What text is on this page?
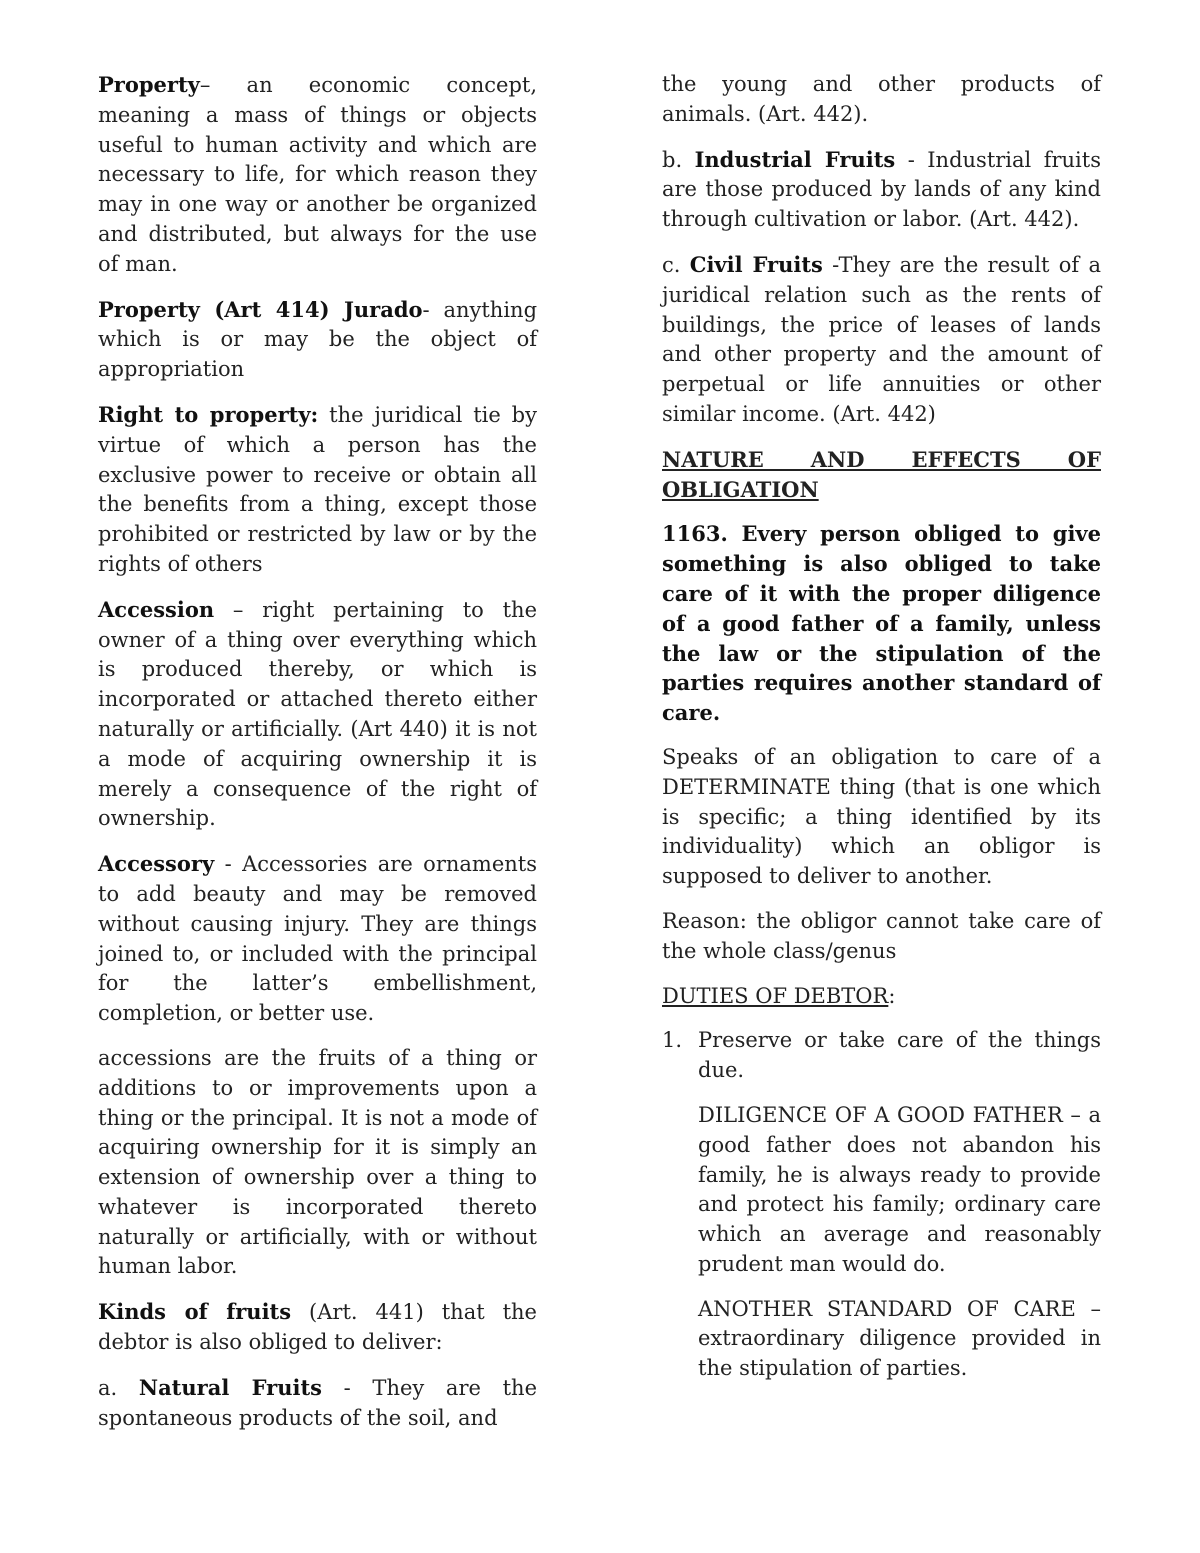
Property– an economic concept, meaning a mass of things or objects useful to human activity and which are necessary to life, for which reason they may in one way or another be organized and distributed, but always for the use of man.

Property (Art 414) Jurado- anything which is or may be the object of appropriation

Right to property: the juridical tie by virtue of which a person has the exclusive power to receive or obtain all the benefits from a thing, except those prohibited or restricted by law or by the rights of others

Accession – right pertaining to the owner of a thing over everything which is produced thereby, or which is incorporated or attached thereto either naturally or artificially. (Art 440) it is not a mode of acquiring ownership it is merely a consequence of the right of ownership.

Accessory - Accessories are ornaments to add beauty and may be removed without causing injury. They are things joined to, or included with the principal for the latter’s embellishment, completion, or better use.

accessions are the fruits of a thing or additions to or improvements upon a thing or the principal. It is not a mode of acquiring ownership for it is simply an extension of ownership over a thing to whatever is incorporated thereto naturally or artificially, with or without human labor.

Kinds of fruits (Art. 441) that the debtor is also obliged to deliver:

a. Natural Fruits - They are the spontaneous products of the soil, and

the young and other products of animals. (Art. 442).

b. Industrial Fruits - Industrial fruits are those produced by lands of any kind through cultivation or labor. (Art. 442).

c. Civil Fruits -They are the result of a juridical relation such as the rents of buildings, the price of leases of lands and other property and the amount of perpetual or life annuities or other similar income. (Art. 442)

NATURE AND EFFECTS OF OBLIGATION

1163. Every person obliged to give something is also obliged to take care of it with the proper diligence of a good father of a family, unless the law or the stipulation of the parties requires another standard of care.

Speaks of an obligation to care of a DETERMINATE thing (that is one which is specific; a thing identified by its individuality) which an obligor is supposed to deliver to another.

Reason: the obligor cannot take care of the whole class/genus

DUTIES OF DEBTOR:

1. Preserve or take care of the things due.

DILIGENCE OF A GOOD FATHER – a good father does not abandon his family, he is always ready to provide and protect his family; ordinary care which an average and reasonably prudent man would do.

ANOTHER STANDARD OF CARE – extraordinary diligence provided in the stipulation of parties.
